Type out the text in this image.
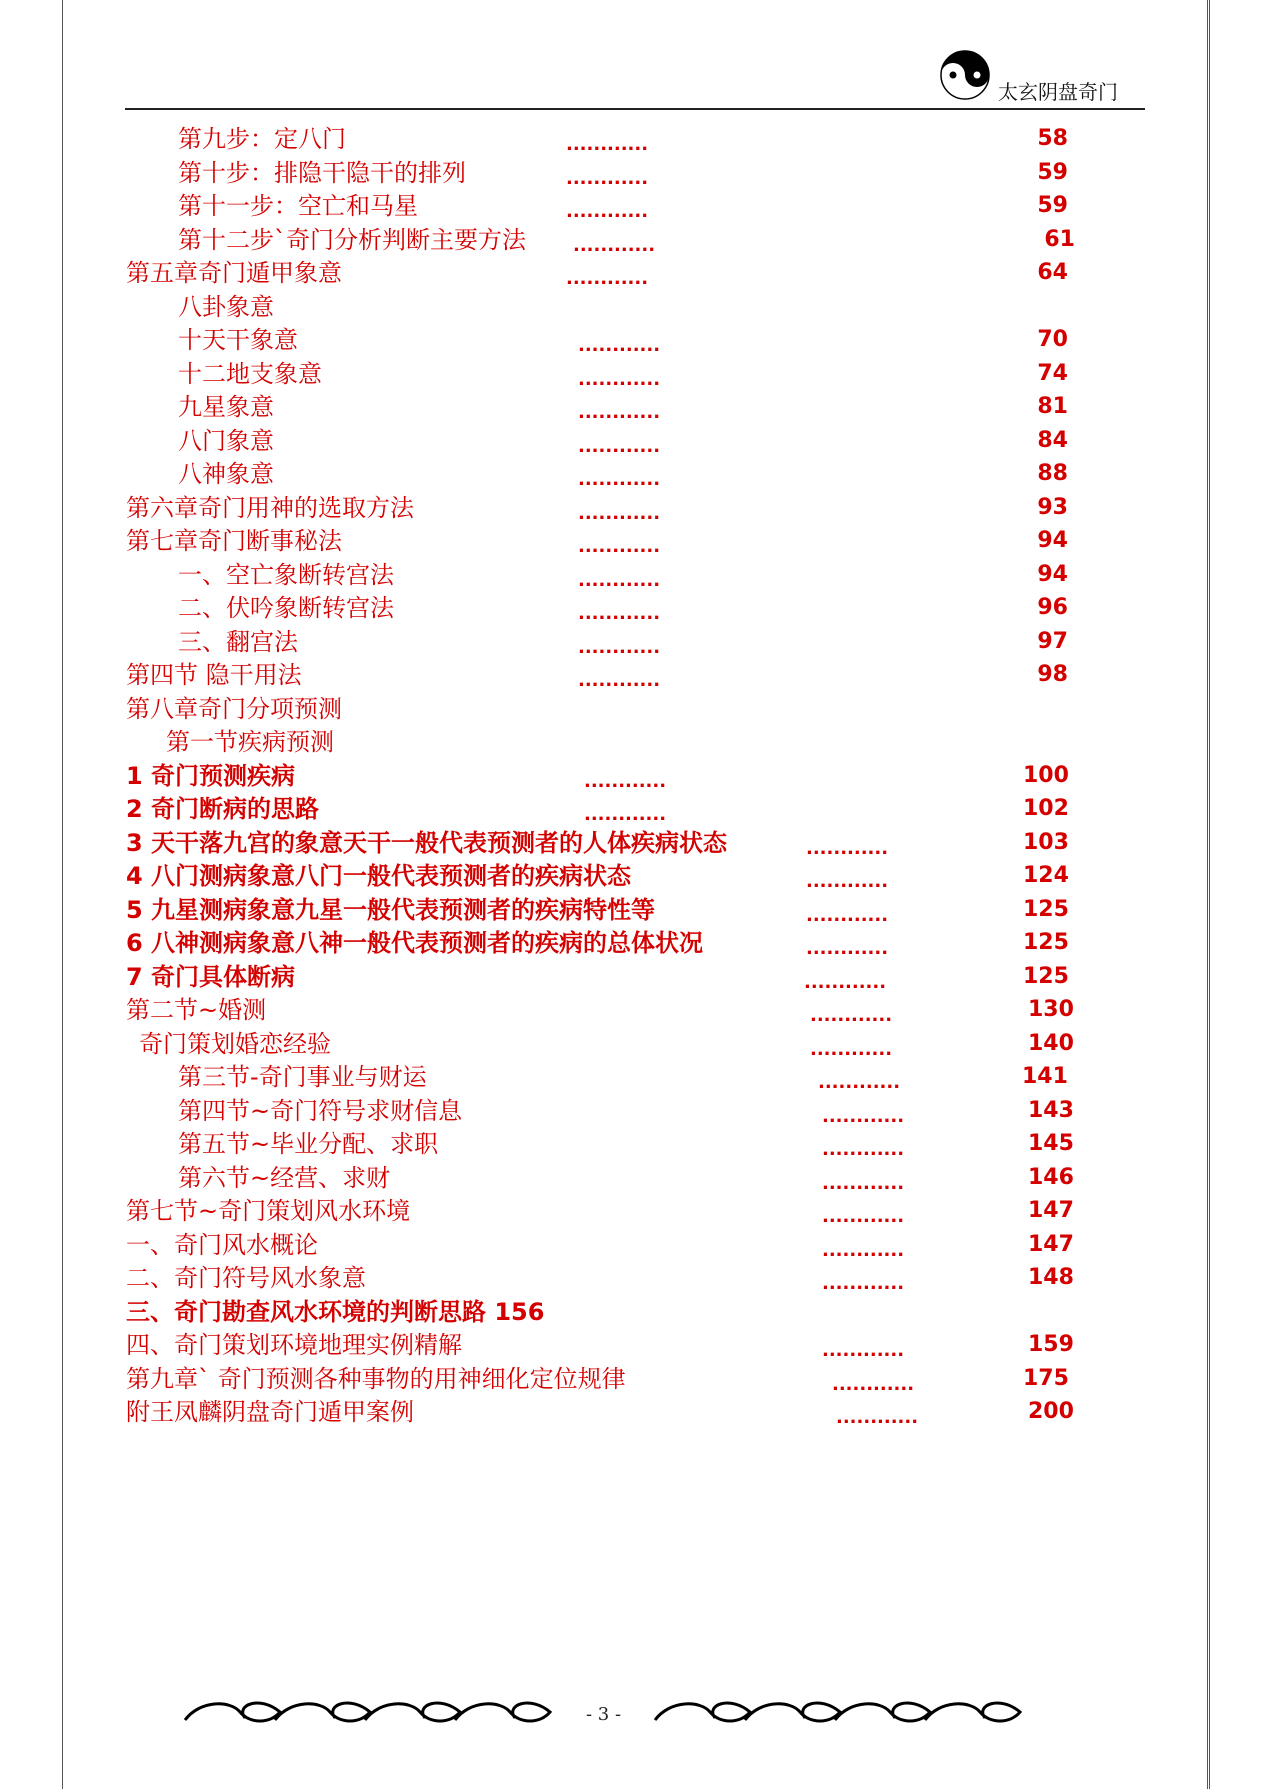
太玄阴盘奇门
第九步：定八门	............	58
第十步：排隐干隐干的排列	............	59
第十一步：空亡和马星	............	59
第十二步`奇门分析判断主要方法	............	61
第五章奇门遁甲象意	............	64
八卦象意
十天干象意	............	70
十二地支象意	............	74
九星象意	............	81
八门象意	............	84
八神象意	............	88
第六章奇门用神的选取方法	............	93
第七章奇门断事秘法	............	94
一、空亡象断转宫法	............	94
二、伏吟象断转宫法	............	96
三、翻宫法	............	97
第四节 隐干用法	............	98
第八章奇门分项预测
第一节疾病预测
1 奇门预测疾病	............	100
2 奇门断病的思路	............	102
3 天干落九宫的象意天干一般代表预测者的人体疾病状态	............	103
4 八门测病象意八门一般代表预测者的疾病状态	............	124
5 九星测病象意九星一般代表预测者的疾病特性等	............	125
6 八神测病象意八神一般代表预测者的疾病的总体状况	............	125
7 奇门具体断病	............	125
第二节~婚测	............	130
奇门策划婚恋经验	............	140
第三节-奇门事业与财运	............	141
第四节~奇门符号求财信息	............	143
第五节~毕业分配、求职	............	145
第六节~经营、求财	............	146
第七节~奇门策划风水环境	............	147
一、奇门风水概论	............	147
二、奇门符号风水象意	............	148
三、奇门勘查风水环境的判断思路 156
四、奇门策划环境地理实例精解	............	159
第九章` 奇门预测各种事物的用神细化定位规律	............	175
附王凤麟阴盘奇门遁甲案例	............	200
- 3 -
